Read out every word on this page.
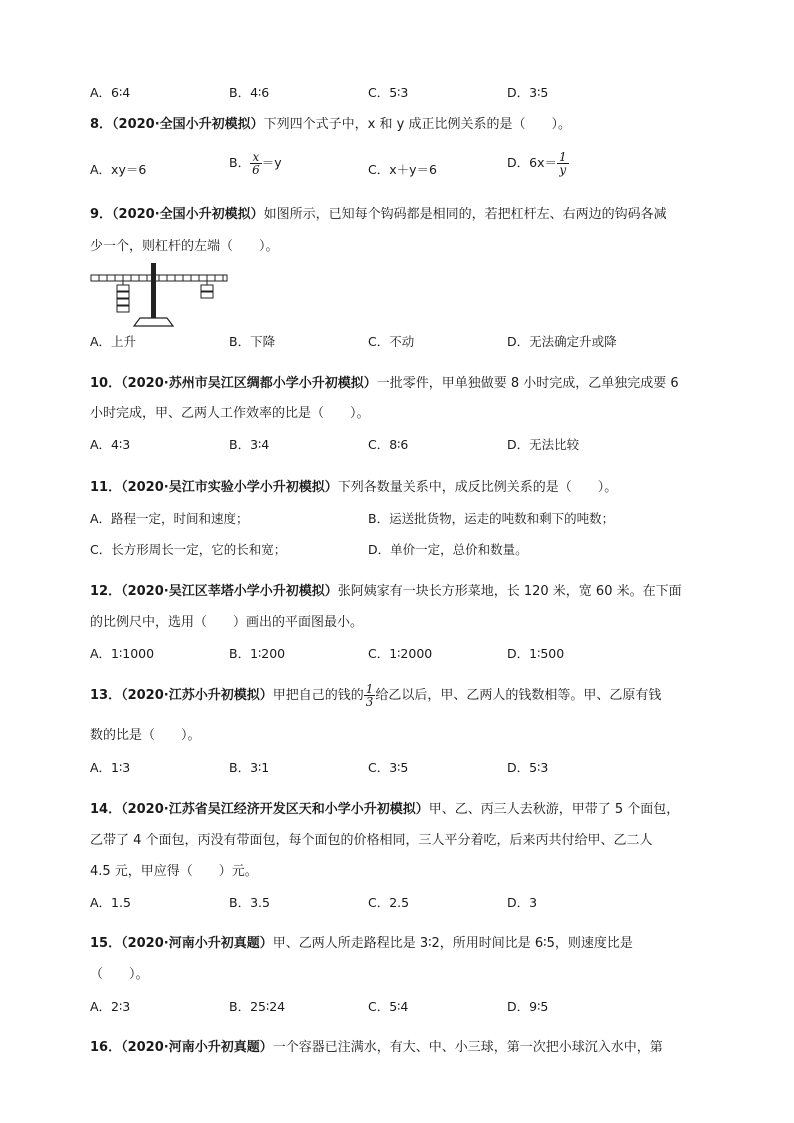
A．6∶4	B．4∶6	C．5∶3	D．3∶5
8．（2020·全国小升初模拟）下列四个式子中，x 和 y 成正比例关系的是（　　）。
A．xy＝6	B． $\frac{x}{6} =y$	C．x＋y＝6	D．$6x= \frac{1}{y}$
9．（2020·全国小升初模拟）如图所示，已知每个钩码都是相同的，若把杠杆左、右两边的钩码各减
少一个，则杠杆的左端（　　）。
A．上升	B．下降	C．不动	D．无法确定升或降
10．（2020·苏州市吴江区绸都小学小升初模拟）一批零件，甲单独做要 8 小时完成，乙单独完成要 6
小时完成，甲、乙两人工作效率的比是（　　）。
A．4∶3	B．3∶4	C．8∶6	D．无法比较
11．（2020·吴江市实验小学小升初模拟）下列各数量关系中，成反比例关系的是（　　）。
A．路程一定，时间和速度；	B．运送批货物，运走的吨数和剩下的吨数；
C．长方形周长一定，它的长和宽；	D．单价一定，总价和数量。
12．（2020·吴江区莘塔小学小升初模拟）张阿姨家有一块长方形菜地，长 120 米，宽 60 米。在下面
的比例尺中，选用（　　）画出的平面图最小。
A．1∶1000	B．1∶200	C．1∶2000	D．1∶500
13．（2020·江苏小升初模拟）甲把自己的钱的 $\frac{1}{3}$ 给乙以后，甲、乙两人的钱数相等。甲、乙原有钱
数的比是（　　）。
A．1∶3	B．3∶1	C．3∶5	D．5∶3
14．（2020·江苏省吴江经济开发区天和小学小升初模拟）甲、乙、丙三人去秋游，甲带了 5 个面包，
乙带了 4 个面包，丙没有带面包，每个面包的价格相同，三人平分着吃，后来丙共付给甲、乙二人
4.5 元，甲应得（　　）元。
A．1.5	B．3.5	C．2.5	D．3
15．（2020·河南小升初真题）甲、乙两人所走路程比是 3∶2，所用时间比是 6∶5，则速度比是
（　　）。
A．2∶3	B．25∶24	C．5∶4	D．9∶5
16．（2020·河南小升初真题）一个容器已注满水，有大、中、小三球，第一次把小球沉入水中，第
